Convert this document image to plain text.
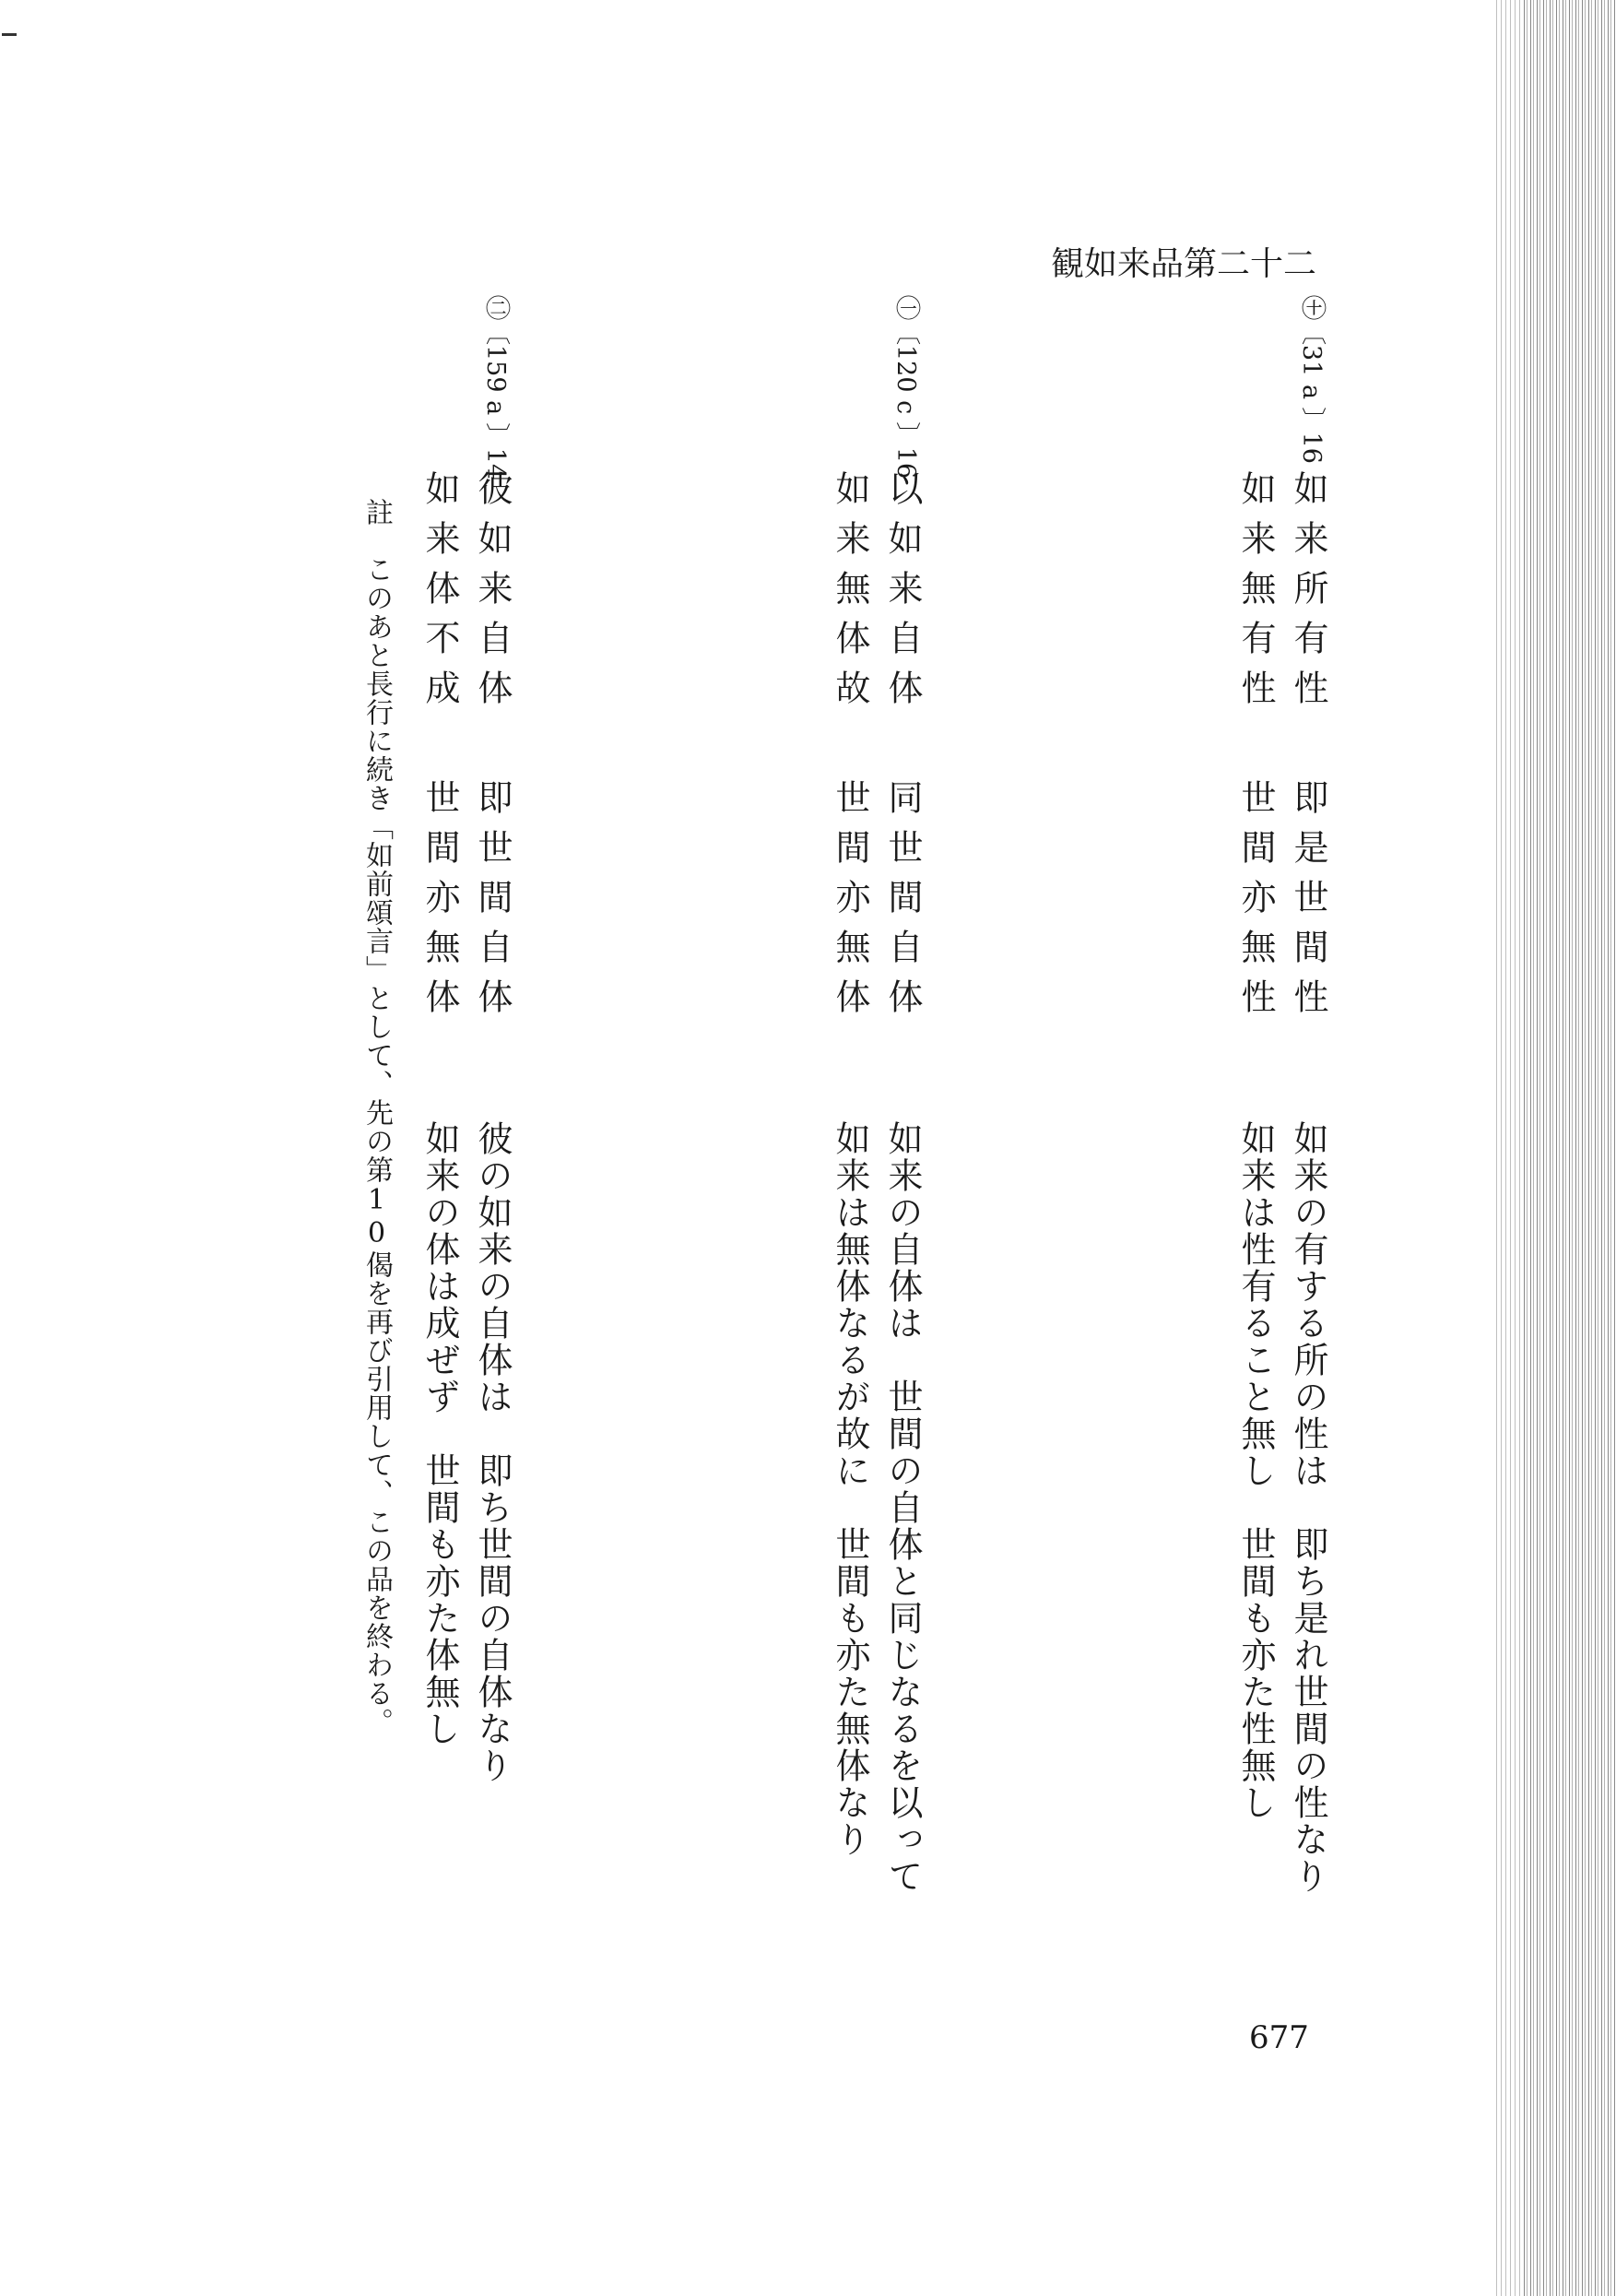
観如来品第二十二
㊉〔31 a 〕16
如来所有性
即是世間性
如来無有性
世間亦無性
如来の有する所の性は　即ち是れ世間の性なり
如来は性有ること無し　世間も亦た性無し
㊀〔120 c 〕16
以如来自体
同世間自体
如来無体故
世間亦無体
如来の自体は　世間の自体と同じなるを以って
如来は無体なるが故に　世間も亦た無体なり
㊁〔159 a 〕14
彼如来自体
即世間自体
如来体不成
世間亦無体
彼の如来の自体は　即ち世間の自体なり
如来の体は成ぜず　世間も亦た体無し
註　このあと長行に続き「如前頌言」として、先の第10偈を再び引用して、この品を終わる。
677
